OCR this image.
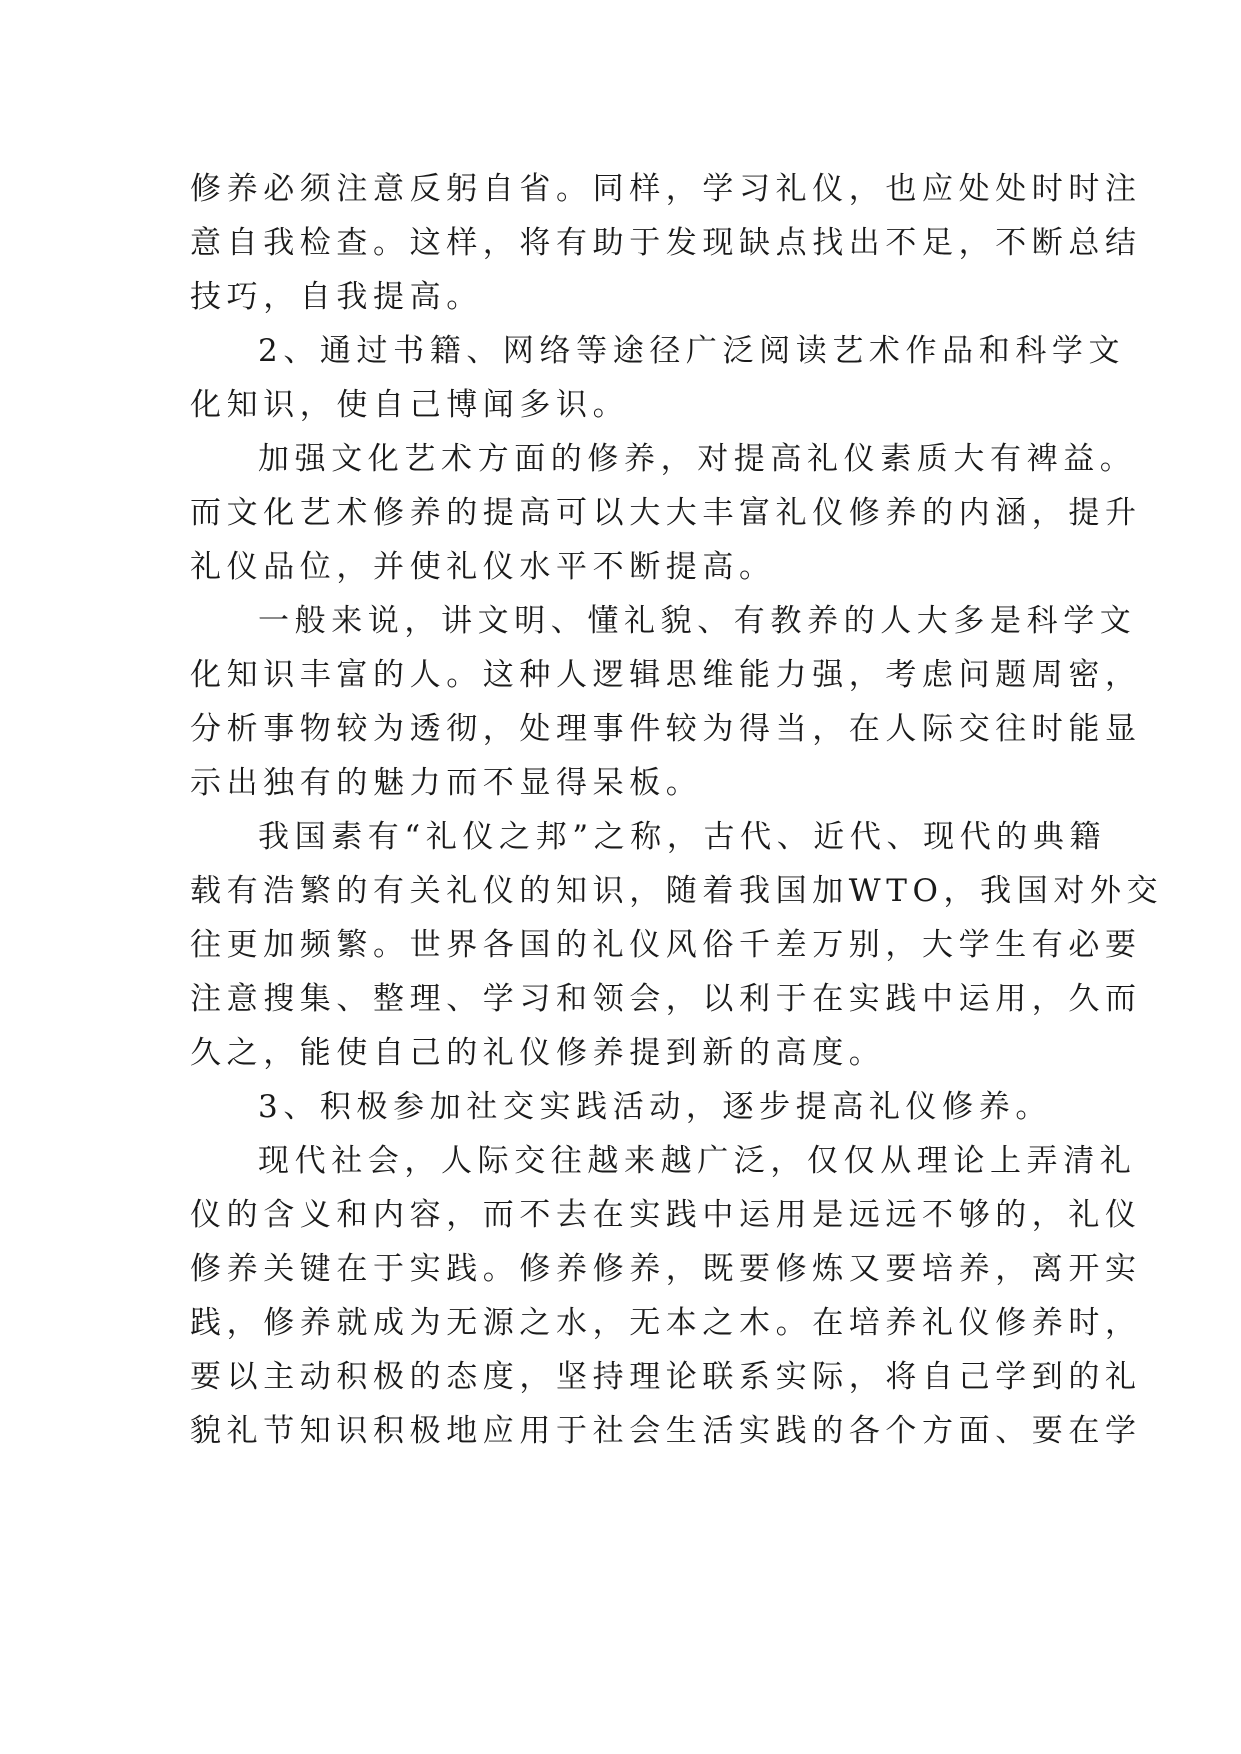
修养必须注意反躬自省。同样，学习礼仪，也应处处时时注
意自我检查。这样，将有助于发现缺点找出不足，不断总结
技巧，自我提高。
2、通过书籍、网络等途径广泛阅读艺术作品和科学文
化知识，使自己博闻多识。
加强文化艺术方面的修养，对提高礼仪素质大有裨益。
而文化艺术修养的提高可以大大丰富礼仪修养的内涵，提升
礼仪品位，并使礼仪水平不断提高。
一般来说，讲文明、懂礼貌、有教养的人大多是科学文
化知识丰富的人。这种人逻辑思维能力强，考虑问题周密，
分析事物较为透彻，处理事件较为得当，在人际交往时能显
示出独有的魅力而不显得呆板。
我国素有“礼仪之邦”之称，古代、近代、现代的典籍
载有浩繁的有关礼仪的知识，随着我国加WTO，我国对外交
往更加频繁。世界各国的礼仪风俗千差万别，大学生有必要
注意搜集、整理、学习和领会，以利于在实践中运用，久而
久之，能使自己的礼仪修养提到新的高度。
3、积极参加社交实践活动，逐步提高礼仪修养。
现代社会，人际交往越来越广泛，仅仅从理论上弄清礼
仪的含义和内容，而不去在实践中运用是远远不够的，礼仪
修养关键在于实践。修养修养，既要修炼又要培养，离开实
践，修养就成为无源之水，无本之木。在培养礼仪修养时，
要以主动积极的态度，坚持理论联系实际，将自己学到的礼
貌礼节知识积极地应用于社会生活实践的各个方面、要在学
